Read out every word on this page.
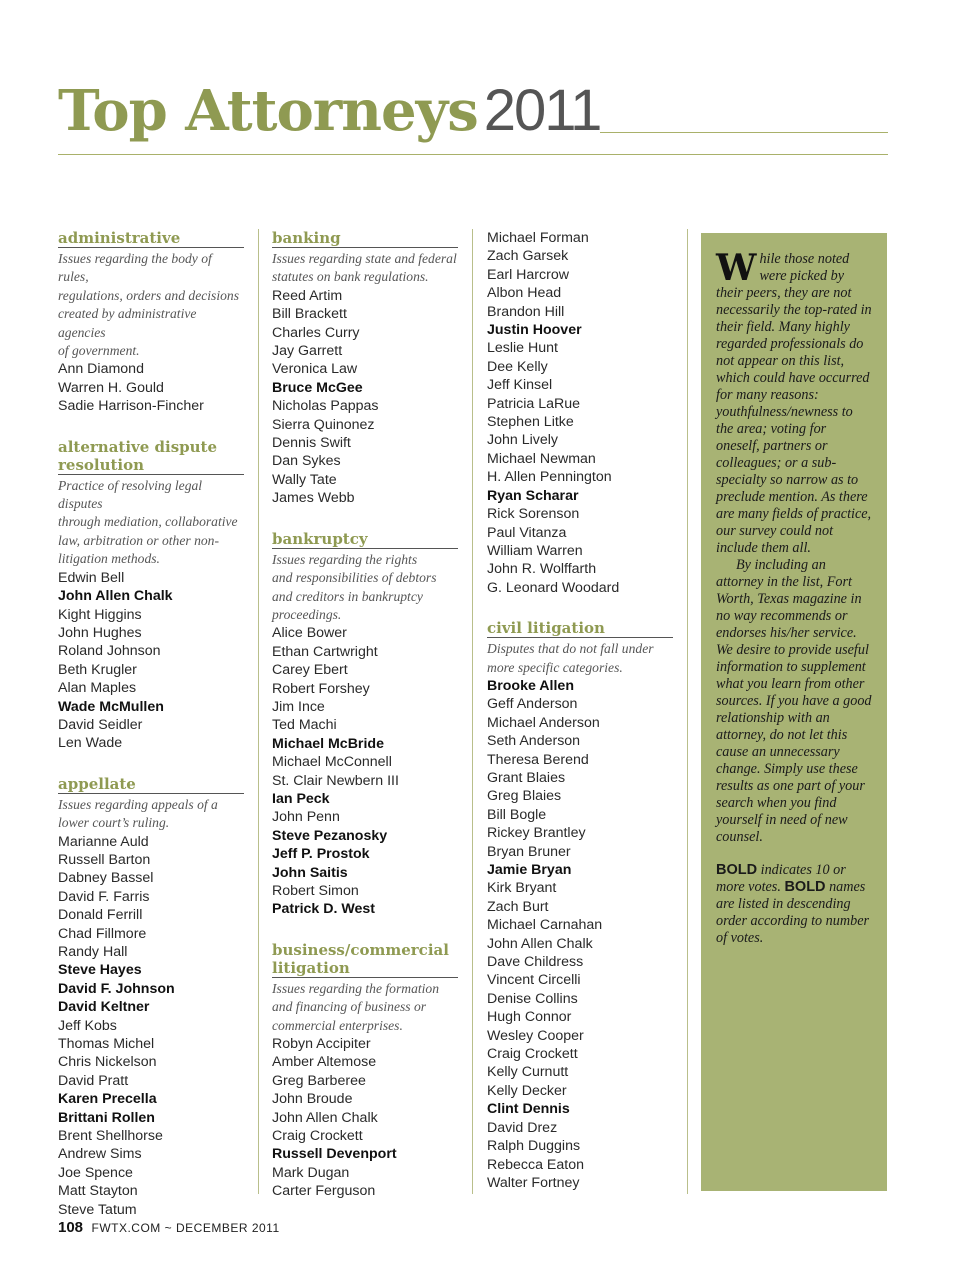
Top Attorneys 2011
administrative
Issues regarding the body of rules,
regulations, orders and decisions
created by administrative
agencies
of government.
Ann Diamond
Warren H. Gould
Sadie Harrison-Fincher
alternative dispute resolution
Practice of resolving legal disputes
through mediation, collaborative
law, arbitration or other non-
litigation methods.
Edwin Bell
John Allen Chalk
Kight Higgins
John Hughes
Roland Johnson
Beth Krugler
Alan Maples
Wade McMullen
David Seidler
Len Wade
appellate
Issues regarding appeals of a
lower court’s ruling.
Marianne Auld
Russell Barton
Dabney Bassel
David F. Farris
Donald Ferrill
Chad Fillmore
Randy Hall
Steve Hayes
David F. Johnson
David Keltner
Jeff Kobs
Thomas Michel
Chris Nickelson
David Pratt
Karen Precella
Brittani Rollen
Brent Shellhorse
Andrew Sims
Joe Spence
Matt Stayton
Steve Tatum
banking
Issues regarding state and federal
statutes on bank regulations.
Reed Artim
Bill Brackett
Charles Curry
Jay Garrett
Veronica Law
Bruce McGee
Nicholas Pappas
Sierra Quinonez
Dennis Swift
Dan Sykes
Wally Tate
James Webb
bankruptcy
Issues regarding the rights
and responsibilities of debtors
and creditors in bankruptcy
proceedings.
Alice Bower
Ethan Cartwright
Carey Ebert
Robert Forshey
Jim Ince
Ted Machi
Michael McBride
Michael McConnell
St. Clair Newbern III
Ian Peck
John Penn
Steve Pezanosky
Jeff P. Prostok
John Saitis
Robert Simon
Patrick D. West
business/commercial litigation
Issues regarding the formation
and financing of business or
commercial enterprises.
Robyn Accipiter
Amber Altemose
Greg Barberee
John Broude
John Allen Chalk
Craig Crockett
Russell Devenport
Mark Dugan
Carter Ferguson
Michael Forman
Zach Garsek
Earl Harcrow
Albon Head
Brandon Hill
Justin Hoover
Leslie Hunt
Dee Kelly
Jeff Kinsel
Patricia LaRue
Stephen Litke
John Lively
Michael Newman
H. Allen Pennington
Ryan Scharar
Rick Sorenson
Paul Vitanza
William Warren
John R. Wolffarth
G. Leonard Woodard
civil litigation
Disputes that do not fall under
more specific categories.
Brooke Allen
Geff Anderson
Michael Anderson
Seth Anderson
Theresa Berend
Grant Blaies
Greg Blaies
Bill Bogle
Rickey Brantley
Bryan Bruner
Jamie Bryan
Kirk Bryant
Zach Burt
Michael Carnahan
John Allen Chalk
Dave Childress
Vincent Circelli
Denise Collins
Hugh Connor
Wesley Cooper
Craig Crockett
Kelly Curnutt
Kelly Decker
Clint Dennis
David Drez
Ralph Duggins
Rebecca Eaton
Walter Fortney

While those noted were picked by their peers, they are not necessarily the top-rated in their field. Many highly regarded professionals do not appear on this list, which could have occurred for many reasons: youthfulness/newness to the area; voting for oneself, partners or colleagues; or a sub-specialty so narrow as to preclude mention. As there are many fields of practice, our survey could not include them all.

By including an attorney in the list, Fort Worth, Texas magazine in no way recommends or endorses his/her service. We desire to provide useful information to supplement what you learn from other sources. If you have a good relationship with an attorney, do not let this cause an unnecessary change. Simply use these results as one part of your search when you find yourself in need of new counsel.

BOLD indicates 10 or more votes. BOLD names are listed in descending order according to number of votes.

108 FWTX.COM ~ DECEMBER 2011
